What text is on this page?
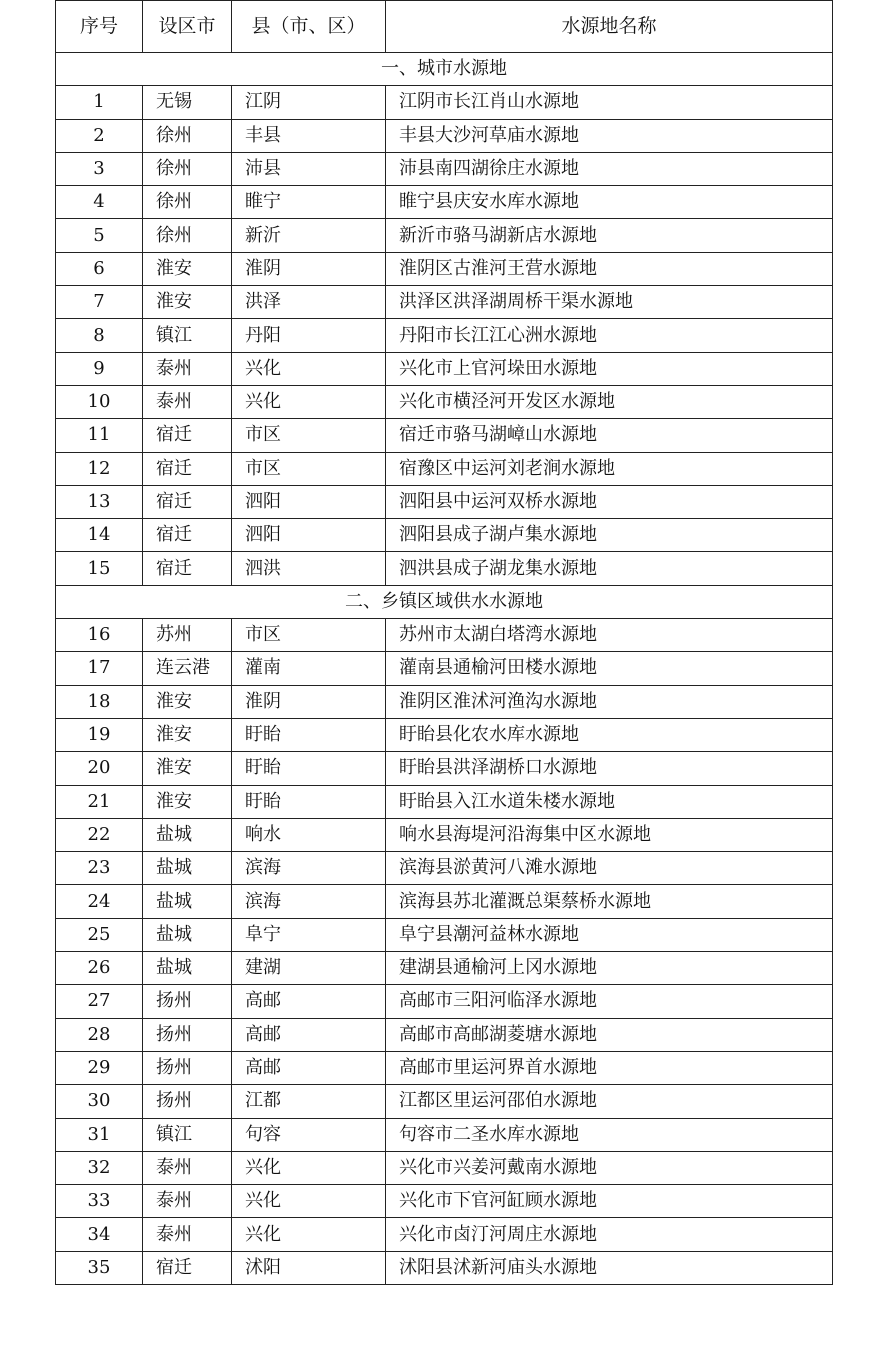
序号	设区市	县（市、区）	水源地名称
一、城市水源地			
1	无锡	江阴	江阴市长江肖山水源地
2	徐州	丰县	丰县大沙河草庙水源地
3	徐州	沛县	沛县南四湖徐庄水源地
4	徐州	睢宁	睢宁县庆安水库水源地
5	徐州	新沂	新沂市骆马湖新店水源地
6	淮安	淮阴	淮阴区古淮河王营水源地
7	淮安	洪泽	洪泽区洪泽湖周桥干渠水源地
8	镇江	丹阳	丹阳市长江江心洲水源地
9	泰州	兴化	兴化市上官河垛田水源地
10	泰州	兴化	兴化市横泾河开发区水源地
11	宿迁	市区	宿迁市骆马湖嶂山水源地
12	宿迁	市区	宿豫区中运河刘老涧水源地
13	宿迁	泗阳	泗阳县中运河双桥水源地
14	宿迁	泗阳	泗阳县成子湖卢集水源地
15	宿迁	泗洪	泗洪县成子湖龙集水源地
二、乡镇区域供水水源地			
16	苏州	市区	苏州市太湖白塔湾水源地
17	连云港	灌南	灌南县通榆河田楼水源地
18	淮安	淮阴	淮阴区淮沭河渔沟水源地
19	淮安	盱眙	盱眙县化农水库水源地
20	淮安	盱眙	盱眙县洪泽湖桥口水源地
21	淮安	盱眙	盱眙县入江水道朱楼水源地
22	盐城	响水	响水县海堤河沿海集中区水源地
23	盐城	滨海	滨海县淤黄河八滩水源地
24	盐城	滨海	滨海县苏北灌溉总渠蔡桥水源地
25	盐城	阜宁	阜宁县潮河益林水源地
26	盐城	建湖	建湖县通榆河上冈水源地
27	扬州	高邮	高邮市三阳河临泽水源地
28	扬州	高邮	高邮市高邮湖菱塘水源地
29	扬州	高邮	高邮市里运河界首水源地
30	扬州	江都	江都区里运河邵伯水源地
31	镇江	句容	句容市二圣水库水源地
32	泰州	兴化	兴化市兴姜河戴南水源地
33	泰州	兴化	兴化市下官河缸顾水源地
34	泰州	兴化	兴化市卤汀河周庄水源地
35	宿迁	沭阳	沭阳县沭新河庙头水源地
